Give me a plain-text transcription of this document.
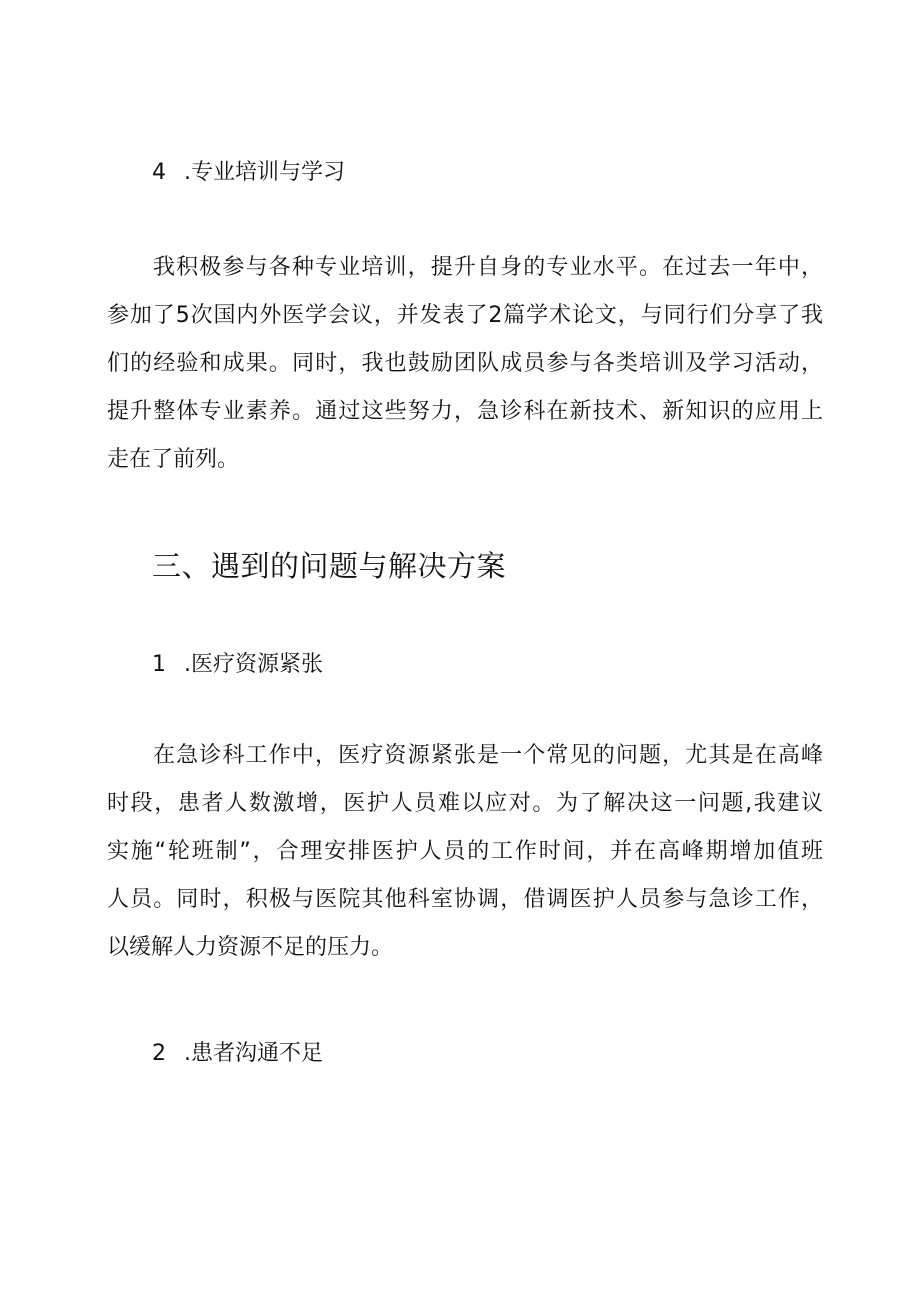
4 .专业培训与学习
我积极参与各种专业培训，提升自身的专业水平。在过去一年中，
参加了5次国内外医学会议，并发表了2篇学术论文，与同行们分享了我
们的经验和成果。同时，我也鼓励团队成员参与各类培训及学习活动，
提升整体专业素养。通过这些努力，急诊科在新技术、新知识的应用上
走在了前列。
三、遇到的问题与解决方案
1 .医疗资源紧张
在急诊科工作中，医疗资源紧张是一个常见的问题，尤其是在高峰
时段，患者人数激增，医护人员难以应对。为了解决这一问题,我建议
实施“轮班制”，合理安排医护人员的工作时间，并在高峰期增加值班
人员。同时，积极与医院其他科室协调，借调医护人员参与急诊工作，
以缓解人力资源不足的压力。
2 .患者沟通不足
